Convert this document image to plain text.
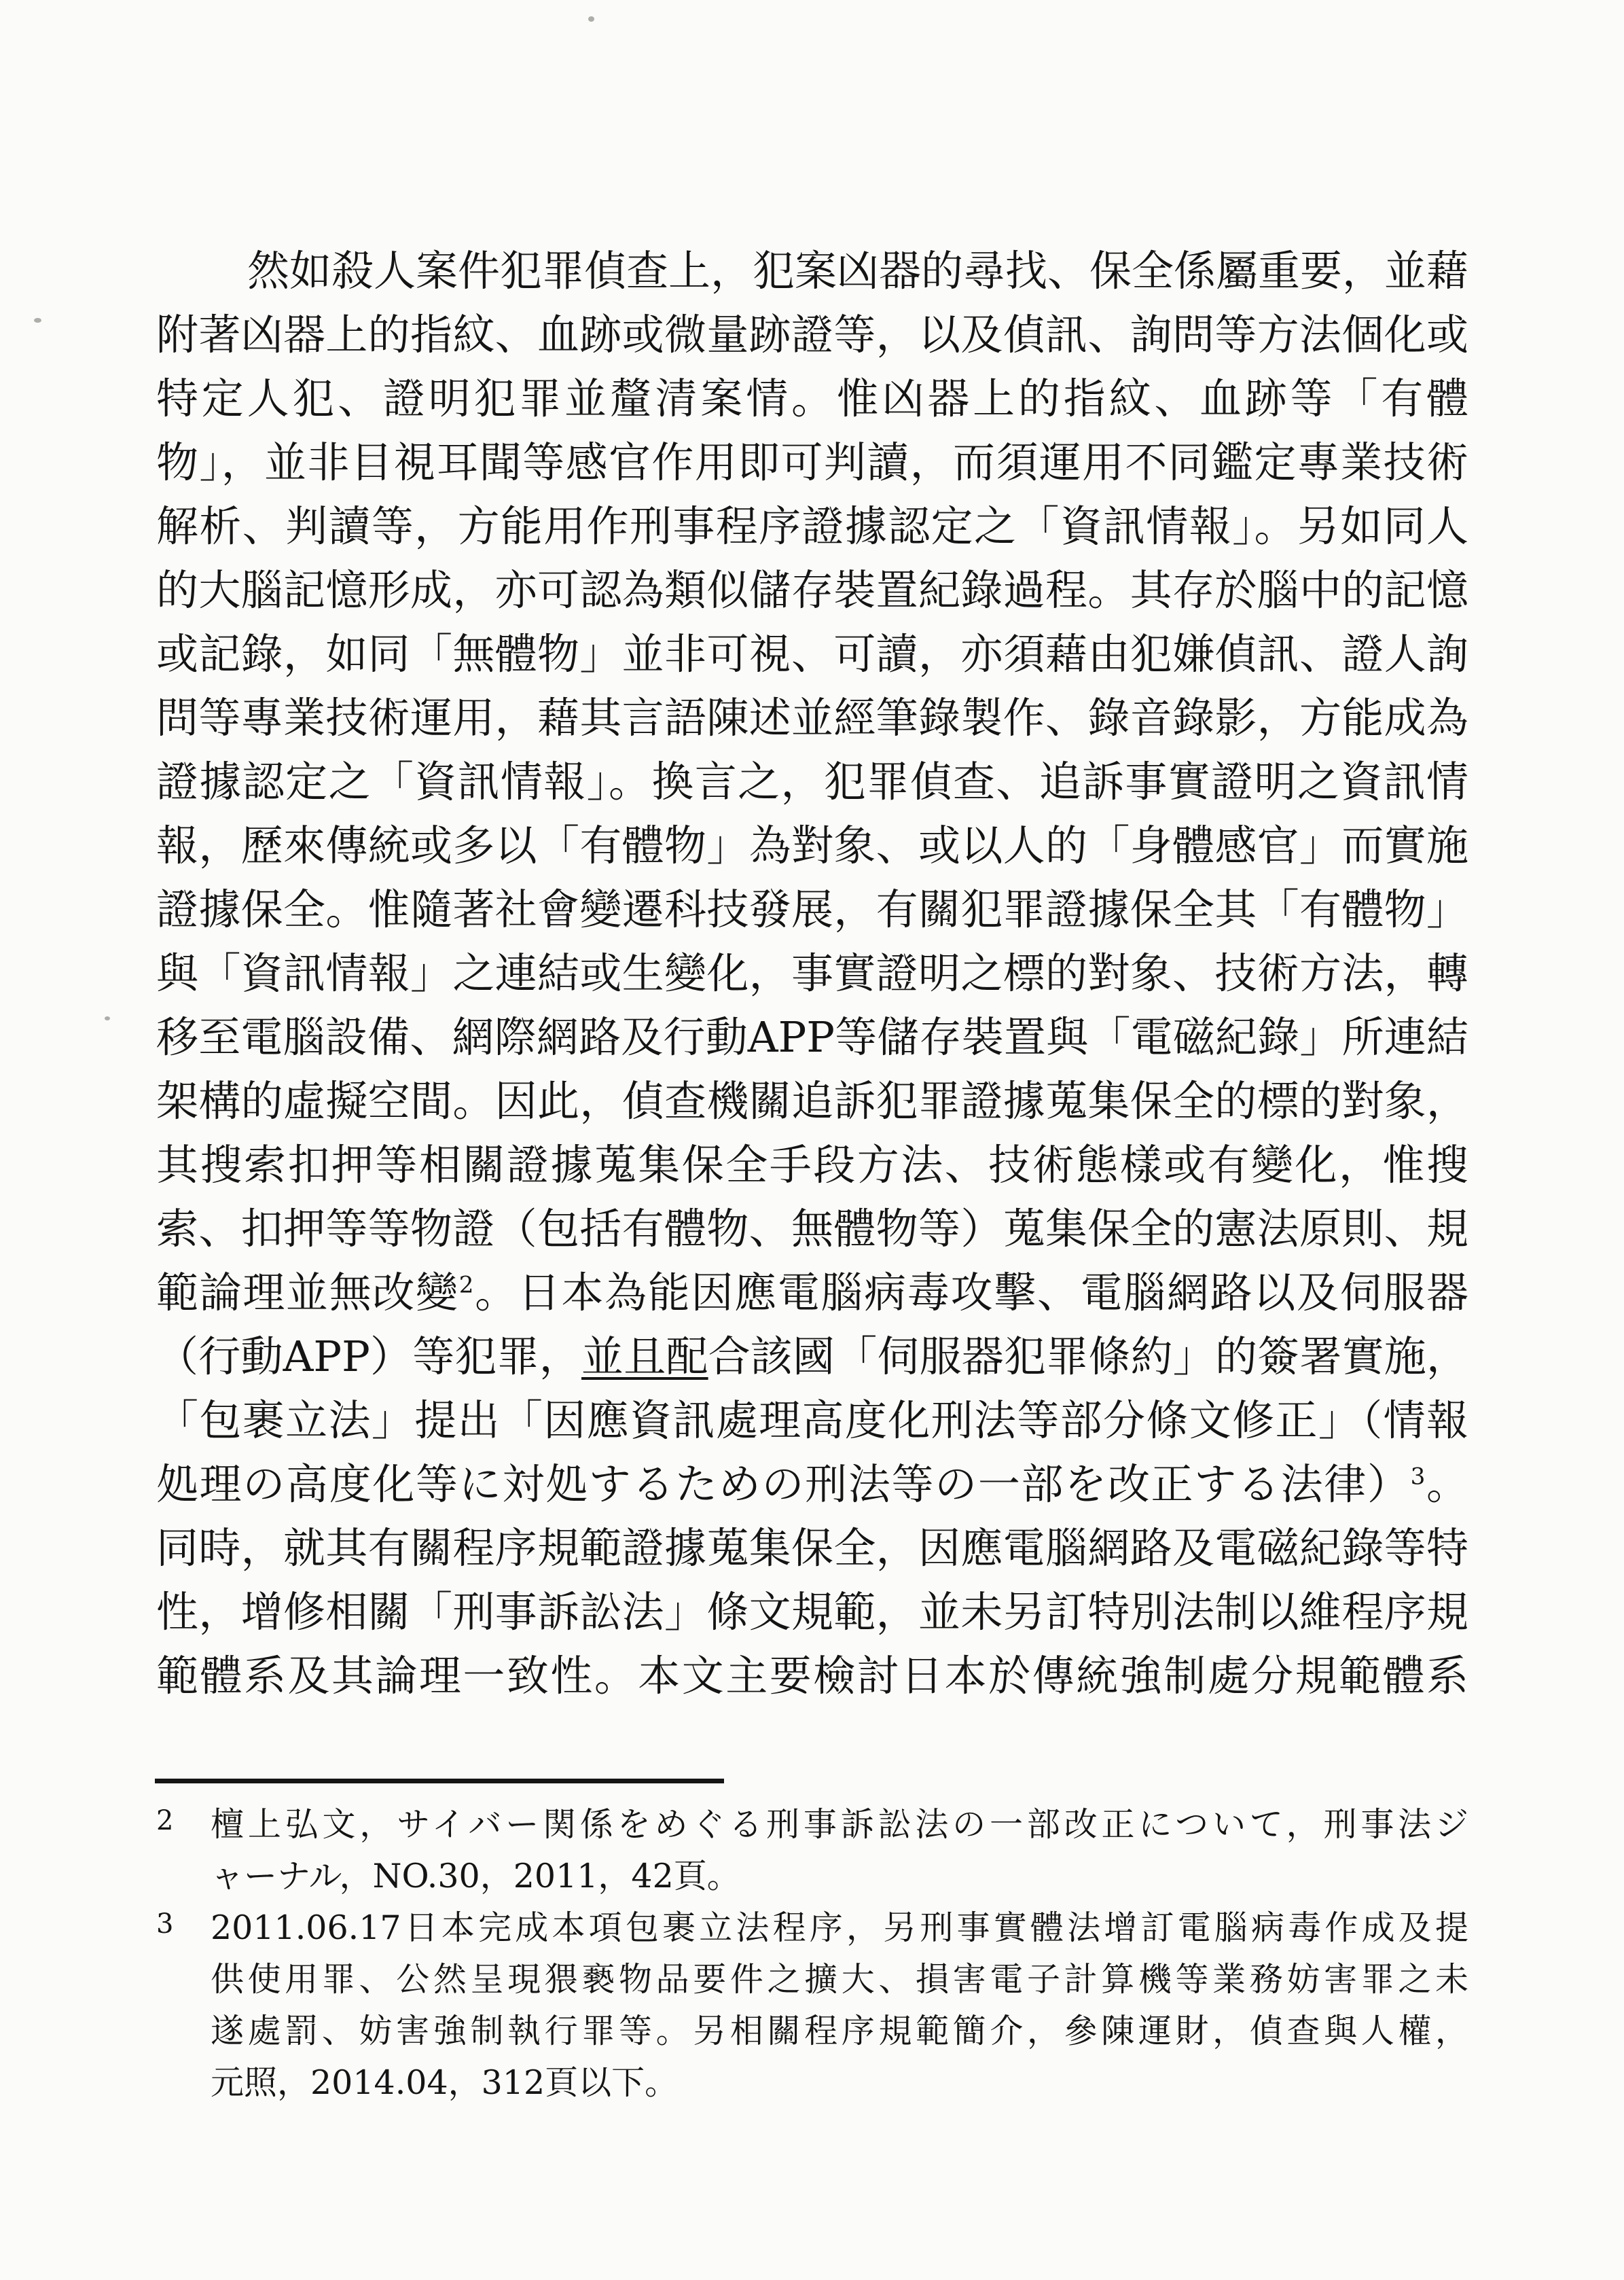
然如殺人案件犯罪偵查上，犯案凶器的尋找、保全係屬重要，並藉
附著凶器上的指紋、血跡或微量跡證等，以及偵訊、詢問等方法個化或
特定人犯、證明犯罪並釐清案情。惟凶器上的指紋、血跡等「有體
物」，並非目視耳聞等感官作用即可判讀，而須運用不同鑑定專業技術
解析、判讀等，方能用作刑事程序證據認定之「資訊情報」。另如同人
的大腦記憶形成，亦可認為類似儲存裝置紀錄過程。其存於腦中的記憶
或記錄，如同「無體物」並非可視、可讀，亦須藉由犯嫌偵訊、證人詢
問等專業技術運用，藉其言語陳述並經筆錄製作、錄音錄影，方能成為
證據認定之「資訊情報」。換言之，犯罪偵查、追訴事實證明之資訊情
報，歷來傳統或多以「有體物」為對象、或以人的「身體感官」而實施
證據保全。惟隨著社會變遷科技發展，有關犯罪證據保全其「有體物」
與「資訊情報」之連結或生變化，事實證明之標的對象、技術方法，轉
移至電腦設備、網際網路及行動APP等儲存裝置與「電磁紀錄」所連結
架構的虛擬空間。因此，偵查機關追訴犯罪證據蒐集保全的標的對象，
其搜索扣押等相關證據蒐集保全手段方法、技術態樣或有變化，惟搜
索、扣押等等物證（包括有體物、無體物等）蒐集保全的憲法原則、規
範論理並無改變$^2$。日本為能因應電腦病毒攻擊、電腦網路以及伺服器
（行動APP）等犯罪，並且配合該國「伺服器犯罪條約」的簽署實施，
「包裹立法」提出「因應資訊處理高度化刑法等部分條文修正」（情報
処理の高度化等に対処するための刑法等の一部を改正する法律）$^3$。
同時，就其有關程序規範證據蒐集保全，因應電腦網路及電磁紀錄等特
性，增修相關「刑事訴訟法」條文規範，並未另訂特別法制以維程序規
範體系及其論理一致性。本文主要檢討日本於傳統強制處分規範體系
2	檀上弘文，サイバー関係をめぐる刑事訴訟法の一部改正について，刑事法ジ
ャーナル，NO.30，2011，42頁。
3	2011.06.17日本完成本項包裹立法程序，另刑事實體法增訂電腦病毒作成及提
供使用罪、公然呈現猥褻物品要件之擴大、損害電子計算機等業務妨害罪之未
遂處罰、妨害強制執行罪等。另相關程序規範簡介，參陳運財，偵查與人權，
元照，2014.04，312頁以下。
